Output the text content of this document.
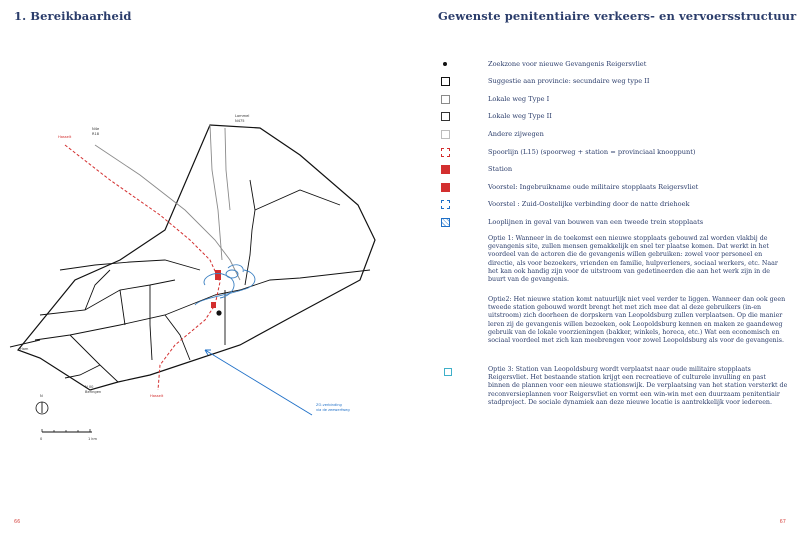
1. Bereikbaarheid
N4e R18
Lommel N475
Hasselt
Ham
N 00 Beringen
Hasselt
ZO-verbinding via de zeewerfweg
N
0	1 km
66
Gewenste penitentiaire verkeers- en vervoersstructuur
Zoekzone voor nieuwe Gevangenis Reigersvliet
Suggestie aan provincie: secundaire weg type II
Lokale weg Type I
Lokale weg Type II
Andere zijwegen
Spoorlijn (L15) (spoorweg + station = provinciaal knooppunt)
Station
Voorstel: Ingebruikname oude militaire stopplaats Reigersvliet
Voorstel : Zuid-Oostelijke verbinding door de natte driehoek
Looplijnen in geval van bouwen van een tweede trein stopplaats

Optie 1: Wanneer in de toekomst een nieuwe stopplaats gebouwd zal worden vlakbij de gevangenis site, zullen mensen gemakkelijk en snel ter plaatse komen. Dat werkt in het voordeel van de actoren die de gevangenis willen gebruiken: zowel voor personeel en directie, als voor bezoekers, vrienden en familie, hulpverleners, sociaal werkers, etc. Naar het kan ook handig zijn voor de uitstroom van gedetineerden die aan het werk zijn in de buurt van de gevangenis.

Optie2: Het nieuwe station komt natuurlijk niet veel verder te liggen. Wanneer dan ook geen tweede station gebouwd wordt brengt het met zich mee dat al deze gebruikers (in-en uitstroom) zich doorheen de dorpskern van Leopoldsburg zullen verplaatsen. Op die manier leren zij de gevangenis willen bezoeken, ook Leopoldsburg kennen en maken ze gaandeweg gebruik van de lokale voorzieningen (bakker, winkels, horeca, etc.) Wat een economisch en sociaal voordeel met zich kan meebrengen voor zowel Leopoldsburg als voor de gevangenis.

Optie 3: Station van Leopoldsburg wordt verplaatst naar oude militaire stopplaats Reigersvliet. Het bestaande station krijgt een recreatieve of culturele invulling en past binnen de plannen voor een nieuwe stationswijk. De verplaatsing van het station versterkt de reconversieplannen voor Reigersvliet en vormt een win-win met een duurzaam penitentiair stadproject. De sociale dynamiek aan deze nieuwe locatie is aantrekkelijk voor iedereen.

67
